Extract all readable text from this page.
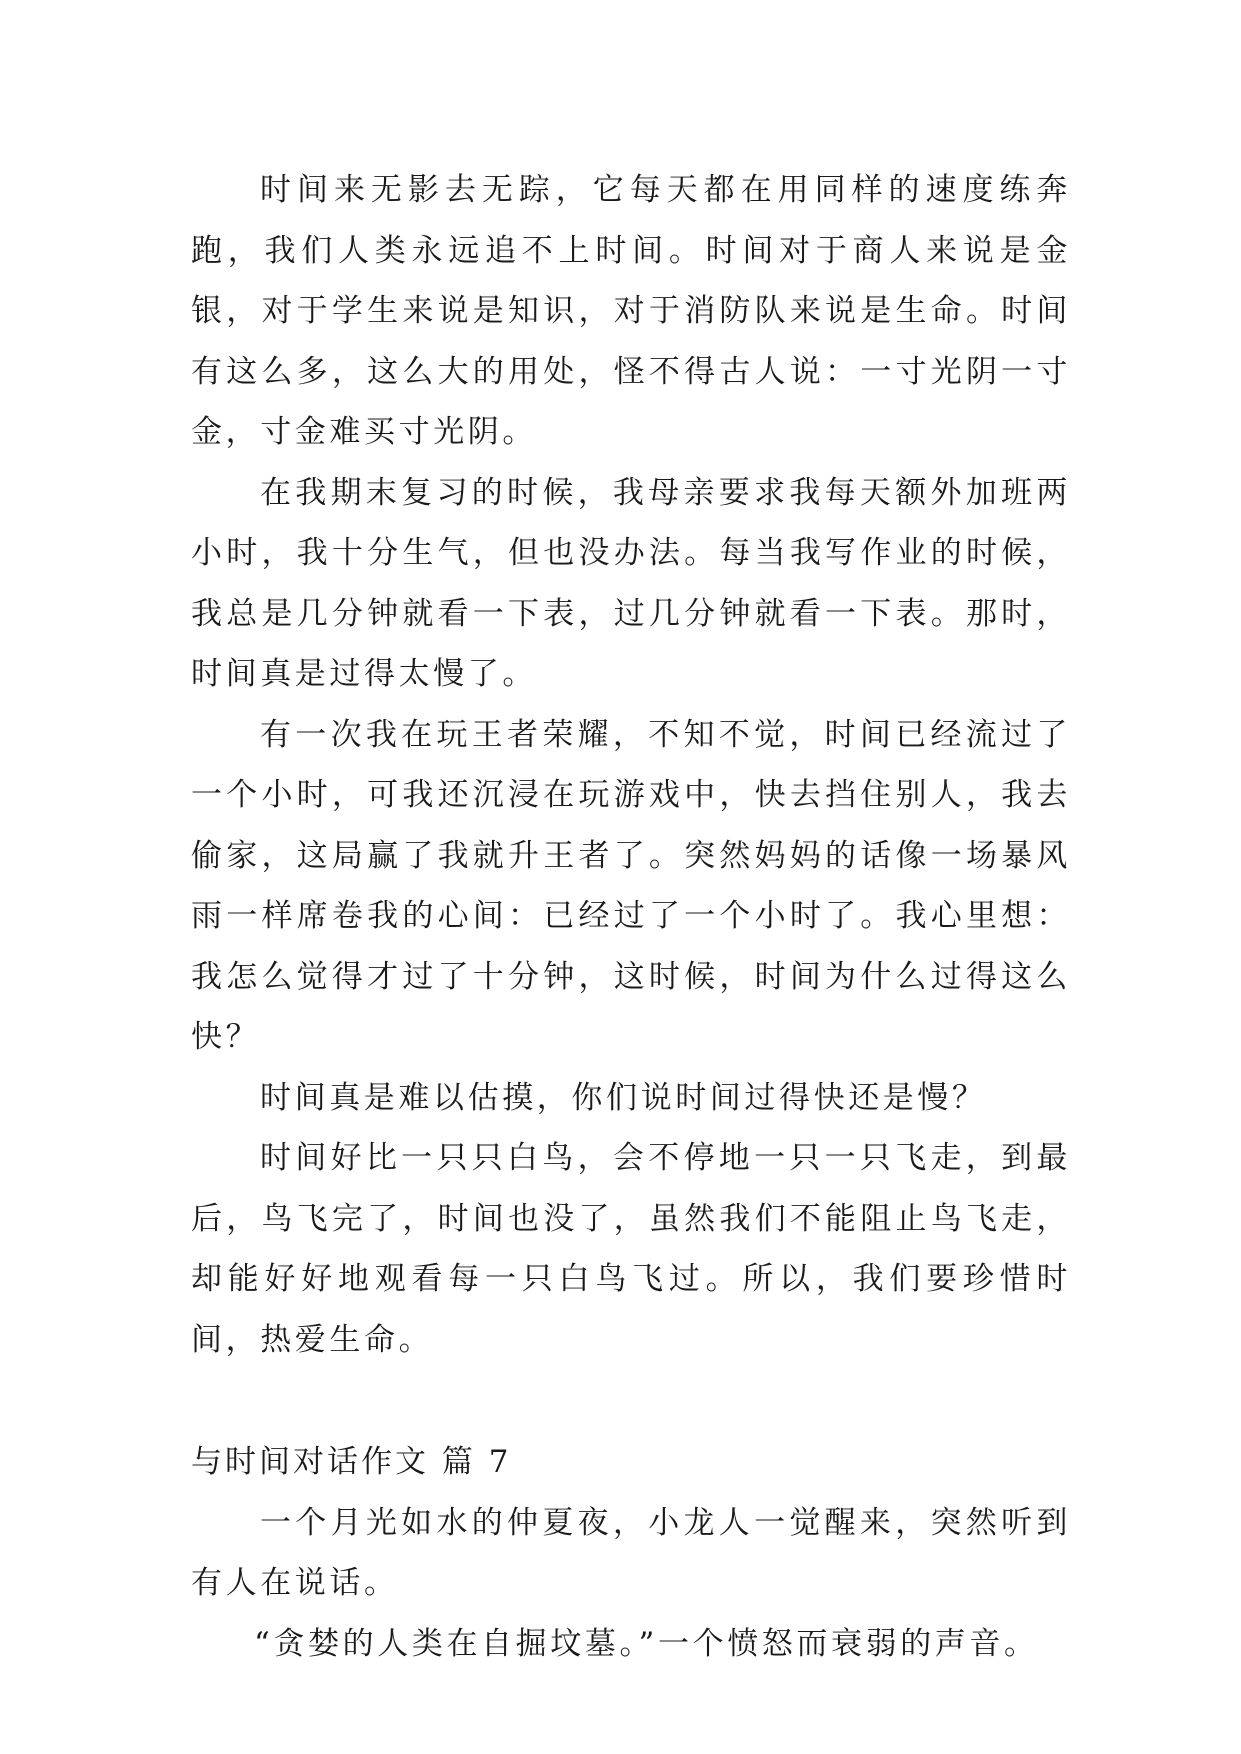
时间来无影去无踪，它每天都在用同样的速度练奔跑，我们人类永远追不上时间。时间对于商人来说是金银，对于学生来说是知识，对于消防队来说是生命。时间有这么多，这么大的用处，怪不得古人说：一寸光阴一寸金，寸金难买寸光阴。

在我期末复习的时候，我母亲要求我每天额外加班两小时，我十分生气，但也没办法。每当我写作业的时候，我总是几分钟就看一下表，过几分钟就看一下表。那时，时间真是过得太慢了。

有一次我在玩王者荣耀，不知不觉，时间已经流过了一个小时，可我还沉浸在玩游戏中，快去挡住别人，我去偷家，这局赢了我就升王者了。突然妈妈的话像一场暴风雨一样席卷我的心间：已经过了一个小时了。我心里想：我怎么觉得才过了十分钟，这时候，时间为什么过得这么快？

时间真是难以估摸，你们说时间过得快还是慢？

时间好比一只只白鸟，会不停地一只一只飞走，到最后，鸟飞完了，时间也没了，虽然我们不能阻止鸟飞走，却能好好地观看每一只白鸟飞过。所以，我们要珍惜时间，热爱生命。

与时间对话作文 篇 7

一个月光如水的仲夏夜，小龙人一觉醒来，突然听到有人在说话。

“贪婪的人类在自掘坟墓。”一个愤怒而衰弱的声音。
